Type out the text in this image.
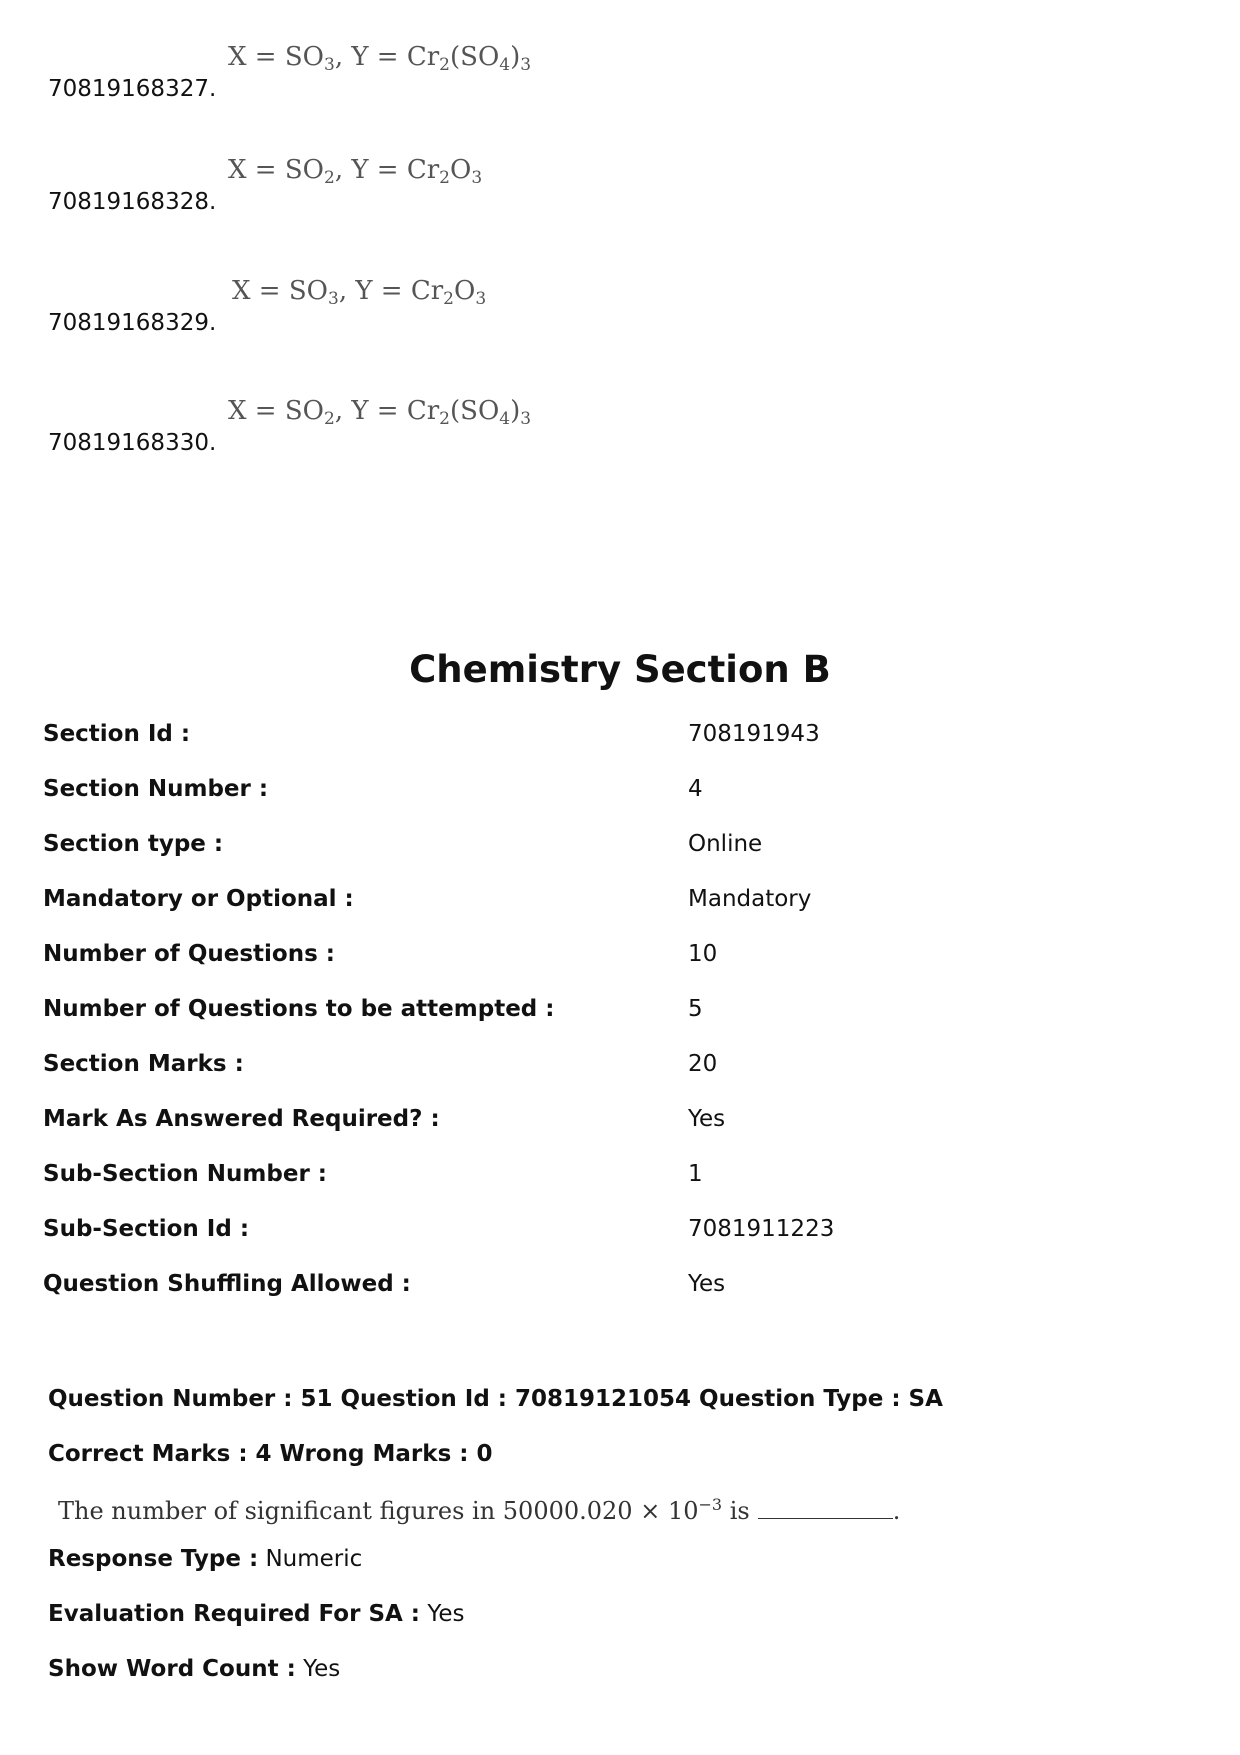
$X = SO_3$, $Y = Cr_2(SO_4)_3$
70819168327.
$X = SO_2$, $Y = Cr_2O_3$
70819168328.
$X = SO_3$, $Y = Cr_2O_3$
70819168329.
$X = SO_2$, $Y = Cr_2(SO_4)_3$
70819168330.
Chemistry Section B
Section Id :	708191943
Section Number :	4
Section type :	Online
Mandatory or Optional :	Mandatory
Number of Questions :	10
Number of Questions to be attempted :	5
Section Marks :	20
Mark As Answered Required? :	Yes
Sub-Section Number :	1
Sub-Section Id :	7081911223
Question Shuffling Allowed :	Yes
Question Number : 51 Question Id : 70819121054 Question Type : SA
Correct Marks : 4 Wrong Marks : 0
The number of significant figures in $50000.020 \times 10^{-3}$ is	.
Response Type : Numeric
Evaluation Required For SA : Yes
Show Word Count : Yes
